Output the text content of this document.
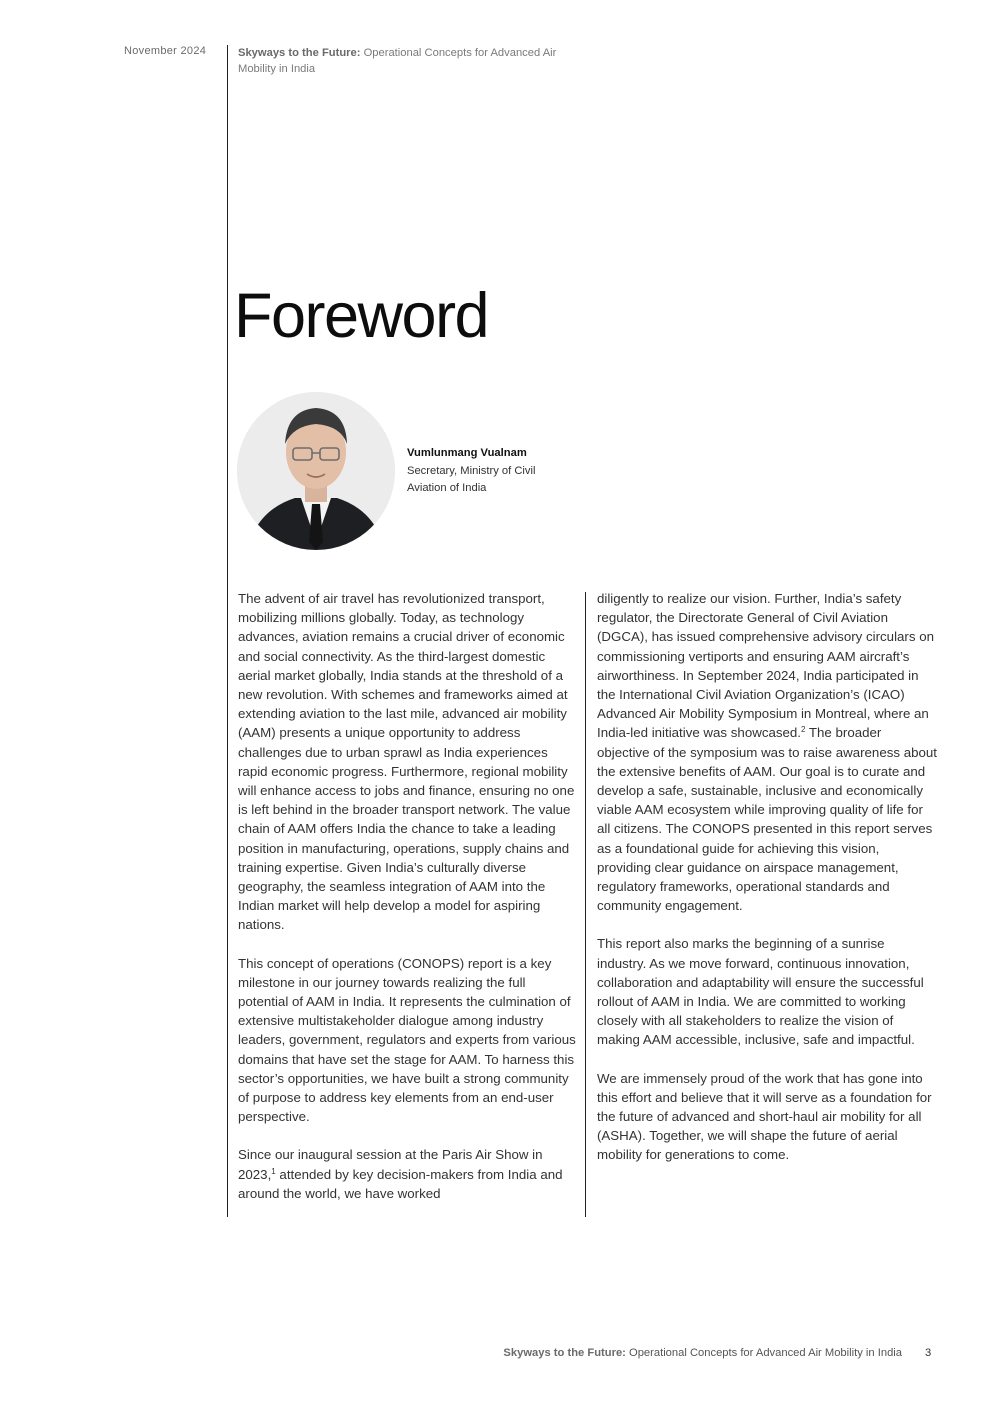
November 2024	Skyways to the Future: Operational Concepts for Advanced Air Mobility in India
Foreword
Vumlunmang Vualnam
Secretary, Ministry of Civil Aviation of India

The advent of air travel has revolutionized transport, mobilizing millions globally. Today, as technology advances, aviation remains a crucial driver of economic and social connectivity. As the third-largest domestic aerial market globally, India stands at the threshold of a new revolution. With schemes and frameworks aimed at extending aviation to the last mile, advanced air mobility (AAM) presents a unique opportunity to address challenges due to urban sprawl as India experiences rapid economic progress. Furthermore, regional mobility will enhance access to jobs and finance, ensuring no one is left behind in the broader transport network. The value chain of AAM offers India the chance to take a leading position in manufacturing, operations, supply chains and training expertise. Given India’s culturally diverse geography, the seamless integration of AAM into the Indian market will help develop a model for aspiring nations.

This concept of operations (CONOPS) report is a key milestone in our journey towards realizing the full potential of AAM in India. It represents the culmination of extensive multistakeholder dialogue among industry leaders, government, regulators and experts from various domains that have set the stage for AAM. To harness this sector’s opportunities, we have built a strong community of purpose to address key elements from an end-user perspective.

Since our inaugural session at the Paris Air Show in 2023,$^1$ attended by key decision-makers from India and around the world, we have worked

diligently to realize our vision. Further, India’s safety regulator, the Directorate General of Civil Aviation (DGCA), has issued comprehensive advisory circulars on commissioning vertiports and ensuring AAM aircraft’s airworthiness. In September 2024, India participated in the International Civil Aviation Organization’s (ICAO) Advanced Air Mobility Symposium in Montreal, where an India-led initiative was showcased.$^2$ The broader objective of the symposium was to raise awareness about the extensive benefits of AAM. Our goal is to curate and develop a safe, sustainable, inclusive and economically viable AAM ecosystem while improving quality of life for all citizens. The CONOPS presented in this report serves as a foundational guide for achieving this vision, providing clear guidance on airspace management, regulatory frameworks, operational standards and community engagement.

This report also marks the beginning of a sunrise industry. As we move forward, continuous innovation, collaboration and adaptability will ensure the successful rollout of AAM in India. We are committed to working closely with all stakeholders to realize the vision of making AAM accessible, inclusive, safe and impactful.

We are immensely proud of the work that has gone into this effort and believe that it will serve as a foundation for the future of advanced and short-haul air mobility for all (ASHA). Together, we will shape the future of aerial mobility for generations to come.

Skyways to the Future: Operational Concepts for Advanced Air Mobility in India 3
